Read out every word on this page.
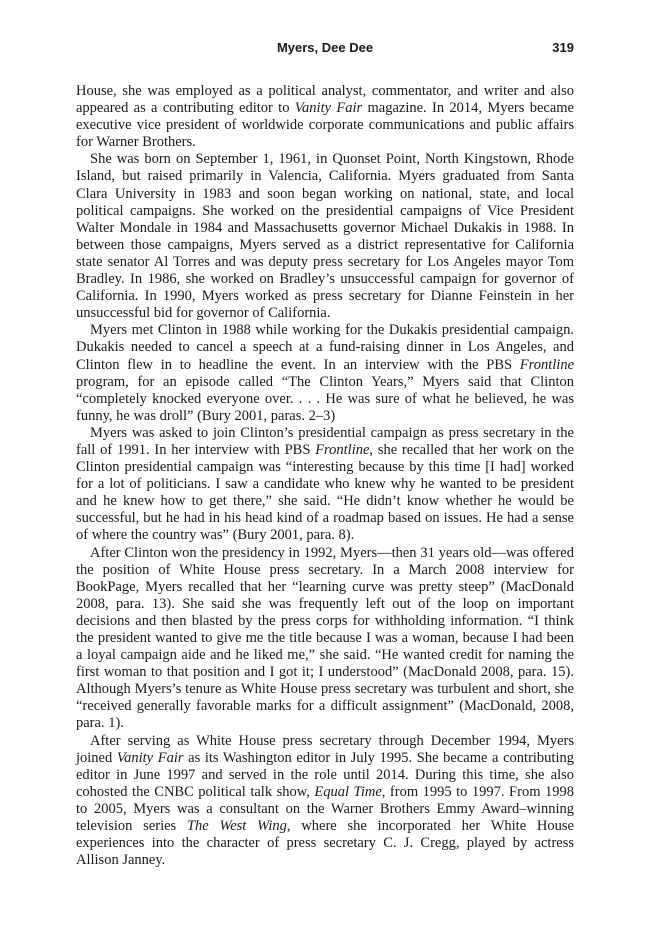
Myers, Dee Dee	319

House, she was employed as a political analyst, commentator, and writer and also appeared as a contributing editor to Vanity Fair magazine. In 2014, Myers became executive vice president of worldwide corporate communications and public affairs for Warner Brothers.

She was born on September 1, 1961, in Quonset Point, North Kingstown, Rhode Island, but raised primarily in Valencia, California. Myers graduated from Santa Clara University in 1983 and soon began working on national, state, and local political campaigns. She worked on the presidential campaigns of Vice President Walter Mondale in 1984 and Massachusetts governor Michael Dukakis in 1988. In between those campaigns, Myers served as a district representative for California state senator Al Torres and was deputy press secretary for Los Angeles mayor Tom Bradley. In 1986, she worked on Bradley’s unsuccessful campaign for governor of California. In 1990, Myers worked as press secretary for Dianne Feinstein in her unsuccessful bid for governor of California.

Myers met Clinton in 1988 while working for the Dukakis presidential campaign. Dukakis needed to cancel a speech at a fund-raising dinner in Los Angeles, and Clinton flew in to headline the event. In an interview with the PBS Frontline program, for an episode called “The Clinton Years,” Myers said that Clinton “completely knocked everyone over. . . . He was sure of what he believed, he was funny, he was droll” (Bury 2001, paras. 2–3)

Myers was asked to join Clinton’s presidential campaign as press secretary in the fall of 1991. In her interview with PBS Frontline, she recalled that her work on the Clinton presidential campaign was “interesting because by this time [I had] worked for a lot of politicians. I saw a candidate who knew why he wanted to be president and he knew how to get there,” she said. “He didn’t know whether he would be successful, but he had in his head kind of a roadmap based on issues. He had a sense of where the country was” (Bury 2001, para. 8).

After Clinton won the presidency in 1992, Myers—then 31 years old—was offered the position of White House press secretary. In a March 2008 interview for BookPage, Myers recalled that her “learning curve was pretty steep” (MacDonald 2008, para. 13). She said she was frequently left out of the loop on important decisions and then blasted by the press corps for withholding information. “I think the president wanted to give me the title because I was a woman, because I had been a loyal campaign aide and he liked me,” she said. “He wanted credit for naming the first woman to that position and I got it; I understood” (MacDonald 2008, para. 15). Although Myers’s tenure as White House press secretary was turbulent and short, she “received generally favorable marks for a difficult assignment” (MacDonald, 2008, para. 1).

After serving as White House press secretary through December 1994, Myers joined Vanity Fair as its Washington editor in July 1995. She became a contributing editor in June 1997 and served in the role until 2014. During this time, she also cohosted the CNBC political talk show, Equal Time, from 1995 to 1997. From 1998 to 2005, Myers was a consultant on the Warner Brothers Emmy Award–winning television series The West Wing, where she incorporated her White House experiences into the character of press secretary C. J. Cregg, played by actress Allison Janney.
